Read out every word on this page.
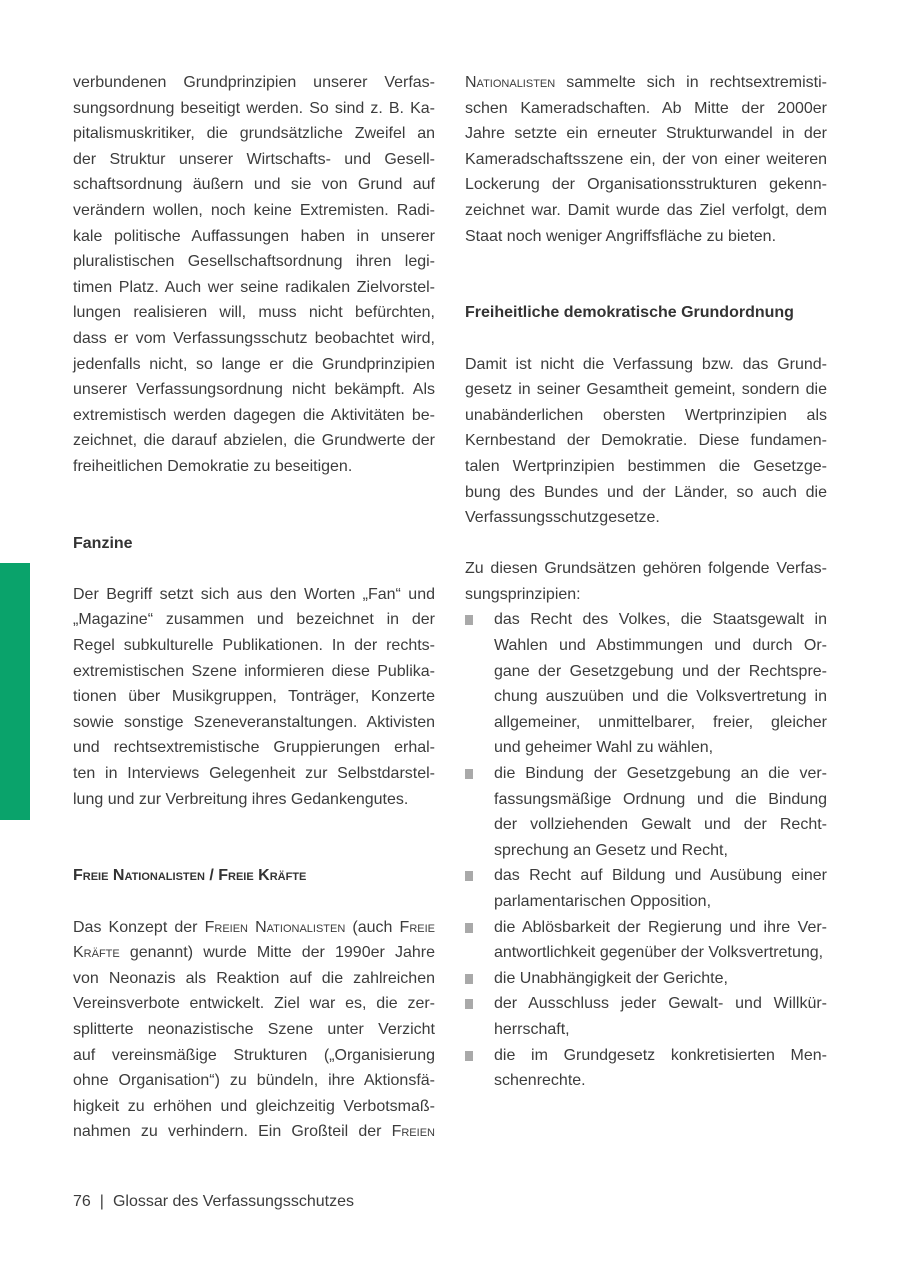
verbundenen Grundprinzipien unserer Verfas-
sungsordnung beseitigt werden. So sind z. B. Ka-
pitalismuskritiker, die grundsätzliche Zweifel an
der Struktur unserer Wirtschafts- und Gesell-
schaftsordnung äußern und sie von Grund auf
verändern wollen, noch keine Extremisten. Radi-
kale politische Auffassungen haben in unserer
pluralistischen Gesellschaftsordnung ihren legi-
timen Platz. Auch wer seine radikalen Zielvorstel-
lungen realisieren will, muss nicht befürchten,
dass er vom Verfassungsschutz beobachtet wird,
jedenfalls nicht, so lange er die Grundprinzipien
unserer Verfassungsordnung nicht bekämpft. Als
extremistisch werden dagegen die Aktivitäten be-
zeichnet, die darauf abzielen, die Grundwerte der
freiheitlichen Demokratie zu beseitigen.
Fanzine
Der Begriff setzt sich aus den Worten „Fan“ und
„Magazine“ zusammen und bezeichnet in der
Regel subkulturelle Publikationen. In der rechts-
extremistischen Szene informieren diese Publika-
tionen über Musikgruppen, Tonträger, Konzerte
sowie sonstige Szeneveranstaltungen. Aktivisten
und rechtsextremistische Gruppierungen erhal-
ten in Interviews Gelegenheit zur Selbstdarstel-
lung und zur Verbreitung ihres Gedankengutes.
Freie Nationalisten / Freie Kräfte
Das Konzept der Freien Nationalisten (auch Freie
Kräfte genannt) wurde Mitte der 1990er Jahre
von Neonazis als Reaktion auf die zahlreichen
Vereinsverbote entwickelt. Ziel war es, die zer-
splitterte neonazistische Szene unter Verzicht
auf vereinsmäßige Strukturen („Organisierung
ohne Organisation“) zu bündeln, ihre Aktionsfä-
higkeit zu erhöhen und gleichzeitig Verbotsmaß-
nahmen zu verhindern. Ein Großteil der Freien
Nationalisten sammelte sich in rechtsextremisti-
schen Kameradschaften. Ab Mitte der 2000er
Jahre setzte ein erneuter Strukturwandel in der
Kameradschaftsszene ein, der von einer weiteren
Lockerung der Organisationsstrukturen gekenn-
zeichnet war. Damit wurde das Ziel verfolgt, dem
Staat noch weniger Angriffsfläche zu bieten.
Freiheitliche demokratische Grundordnung
Damit ist nicht die Verfassung bzw. das Grund-
gesetz in seiner Gesamtheit gemeint, sondern die
unabänderlichen obersten Wertprinzipien als
Kernbestand der Demokratie. Diese fundamen-
talen Wertprinzipien bestimmen die Gesetzge-
bung des Bundes und der Länder, so auch die
Verfassungsschutzgesetze.
Zu diesen Grundsätzen gehören folgende Verfas-
sungsprinzipien:
das Recht des Volkes, die Staatsgewalt in
Wahlen und Abstimmungen und durch Or-
gane der Gesetzgebung und der Rechtspre-
chung auszuüben und die Volksvertretung in
allgemeiner, unmittelbarer, freier, gleicher
und geheimer Wahl zu wählen,
die Bindung der Gesetzgebung an die ver-
fassungsmäßige Ordnung und die Bindung
der vollziehenden Gewalt und der Recht-
sprechung an Gesetz und Recht,
das Recht auf Bildung und Ausübung einer
parlamentarischen Opposition,
die Ablösbarkeit der Regierung und ihre Ver-
antwortlichkeit gegenüber der Volksvertretung,
die Unabhängigkeit der Gerichte,
der Ausschluss jeder Gewalt- und Willkür-
herrschaft,
die im Grundgesetz konkretisierten Men-
schenrechte.
76 | Glossar des Verfassungsschutzes
